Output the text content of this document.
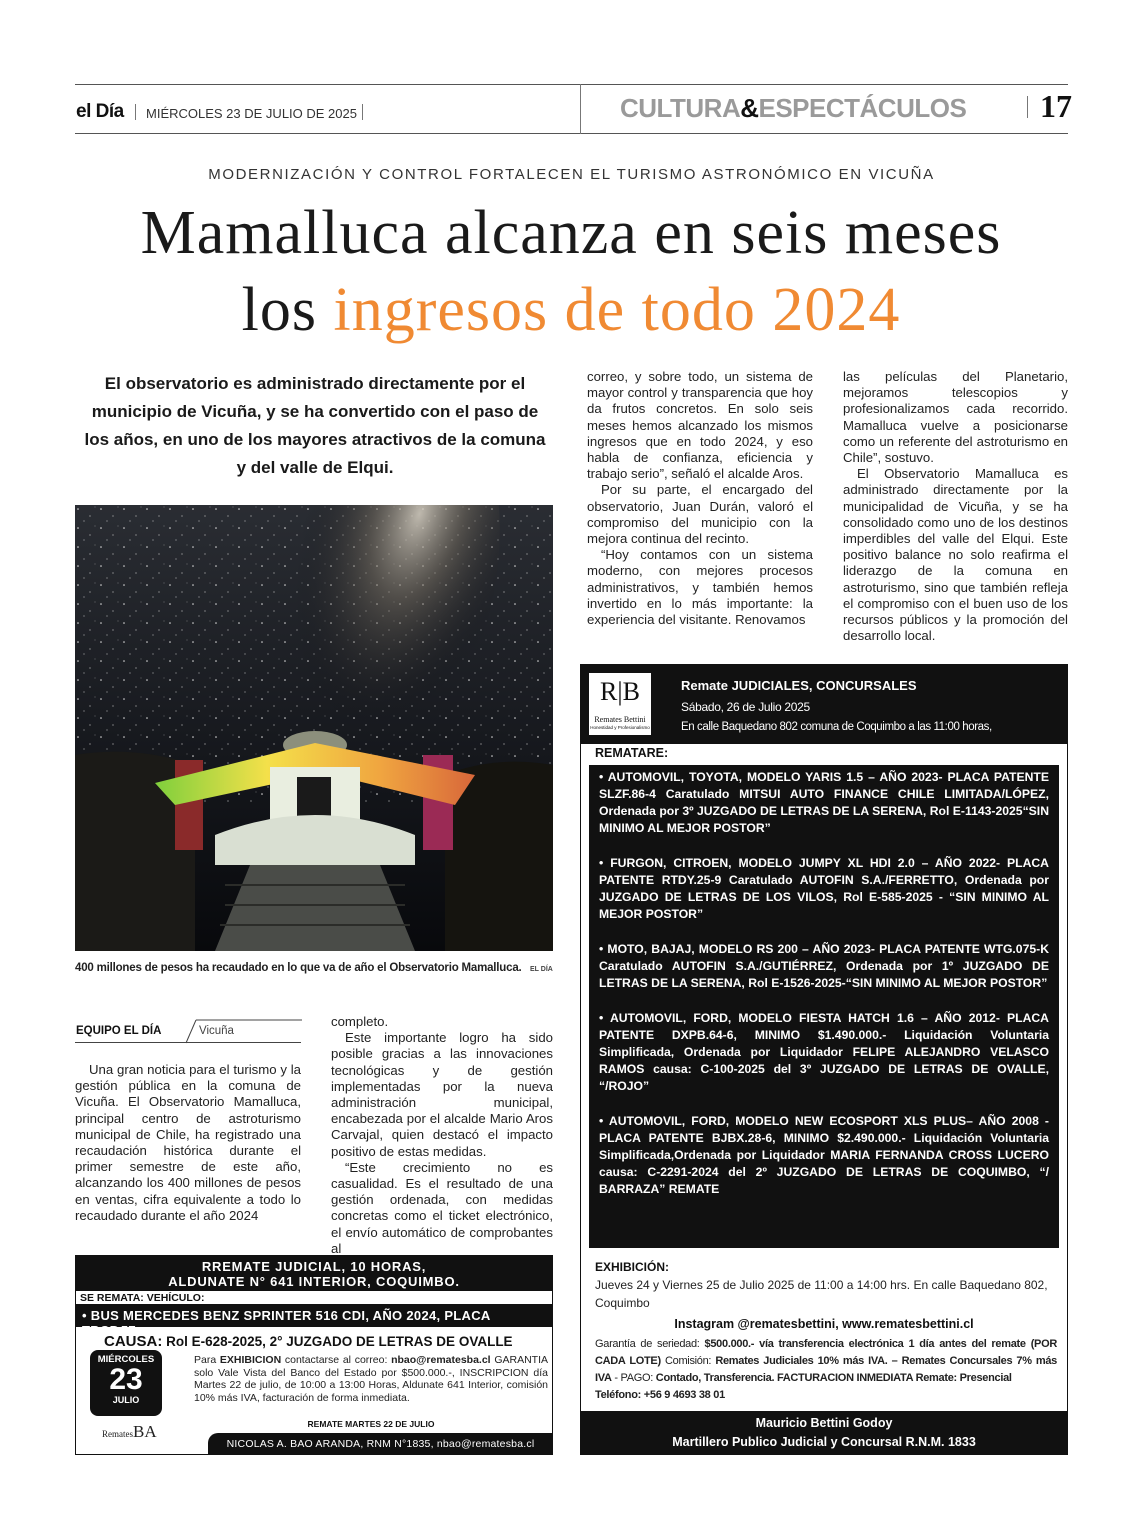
el Día MIÉRCOLES 23 DE JULIO DE 2025	CULTURA&ESPECTÁCULOS 17
MODERNIZACIÓN Y CONTROL FORTALECEN EL TURISMO ASTRONÓMICO EN VICUÑA
Mamalluca alcanza en seis meses
los ingresos de todo 2024
El observatorio es administrado directamente por el municipio de Vicuña, y se ha convertido con el paso de los años, en uno de los mayores atractivos de la comuna y del valle de Elqui.
400 millones de pesos ha recaudado en lo que va de año el Observatorio Mamalluca. EL DÍA
EQUIPO EL DÍA	Vicuña

Una gran noticia para el turismo y la gestión pública en la comuna de Vicuña. El Observatorio Mamalluca, principal centro de astroturismo municipal de Chile, ha registrado una recaudación histórica durante el primer semestre de este año, alcanzando los 400 millones de pesos en ventas, cifra equivalente a todo lo recaudado durante el año 2024

completo.

Este importante logro ha sido posible gracias a las innovaciones tecnológicas y de gestión implementadas por la nueva administración municipal, encabezada por el alcalde Mario Aros Carvajal, quien destacó el impacto positivo de estas medidas.

“Este crecimiento no es casualidad. Es el resultado de una gestión ordenada, con medidas concretas como el ticket electrónico, el envío automático de comprobantes al

correo, y sobre todo, un sistema de mayor control y transparencia que hoy da frutos concretos. En solo seis meses hemos alcanzado los mismos ingresos que en todo 2024, y eso habla de confianza, eficiencia y trabajo serio”, señaló el alcalde Aros.

Por su parte, el encargado del observatorio, Juan Durán, valoró el compromiso del municipio con la mejora continua del recinto.

“Hoy contamos con un sistema moderno, con mejores procesos administrativos, y también hemos invertido en lo más importante: la experiencia del visitante. Renovamos

las películas del Planetario, mejoramos telescopios y profesionalizamos cada recorrido. Mamalluca vuelve a posicionarse como un referente del astroturismo en Chile”, sostuvo.

El Observatorio Mamalluca es administrado directamente por la municipalidad de Vicuña, y se ha consolidado como uno de los destinos imperdibles del valle del Elqui. Este positivo balance no solo reafirma el liderazgo de la comuna en astroturismo, sino que también refleja el compromiso con el buen uso de los recursos públicos y la promoción del desarrollo local.

RREMATE JUDICIAL, 10 HORAS,
ALDUNATE N° 641 INTERIOR, COQUIMBO.
SE REMATA: VEHÍCULO:
• BUS MERCEDES BENZ SPRINTER 516 CDI, AÑO 2024, PLACA TBCP.57
CAUSA: Rol E-628-2025, 2° JUZGADO DE LETRAS DE OVALLE
MIÉRCOLES
23
JULIO
RematesBA
Para EXHIBICION contactarse al correo: nbao@rematesba.cl GARANTIA solo Vale Vista del Banco del Estado por $500.000.-, INSCRIPCION día Martes 22 de julio, de 10:00 a 13:00 Horas, Aldunate 641 Interior, comisión 10% más IVA, facturación de forma inmediata.
REMATE MARTES 22 DE JULIO
NICOLAS A. BAO ARANDA, RNM N°1835, nbao@rematesba.cl
R|B
Remates Bettini
Honestidad y Profesionalismo
Remate JUDICIALES, CONCURSALES
Sábado, 26 de Julio 2025
En calle Baquedano 802 comuna de Coquimbo a las 11:00 horas,
REMATARE:
• AUTOMOVIL, TOYOTA, MODELO YARIS 1.5 – AÑO 2023- PLACA PATENTE SLZF.86-4 Caratulado MITSUI AUTO FINANCE CHILE LIMITADA/LÓPEZ, Ordenada por 3º JUZGADO DE LETRAS DE LA SERENA, Rol E-1143-2025“SIN MINIMO AL MEJOR POSTOR”
• FURGON, CITROEN, MODELO JUMPY XL HDI 2.0 – AÑO 2022- PLACA PATENTE RTDY.25-9 Caratulado AUTOFIN S.A./FERRETTO, Ordenada por JUZGADO DE LETRAS DE LOS VILOS, Rol E-585-2025 - “SIN MINIMO AL MEJOR POSTOR”
• MOTO, BAJAJ, MODELO RS 200 – AÑO 2023- PLACA PATENTE WTG.075-K Caratulado AUTOFIN S.A./GUTIÉRREZ, Ordenada por 1º JUZGADO DE LETRAS DE LA SERENA, Rol E-1526-2025-“SIN MINIMO AL MEJOR POSTOR”
• AUTOMOVIL, FORD, MODELO FIESTA HATCH 1.6 – AÑO 2012- PLACA PATENTE DXPB.64-6, MINIMO $1.490.000.- Liquidación Voluntaria Simplificada, Ordenada por Liquidador FELIPE ALEJANDRO VELASCO RAMOS causa: C-100-2025 del 3º JUZGADO DE LETRAS DE OVALLE, “/ROJO”
• AUTOMOVIL, FORD, MODELO NEW ECOSPORT XLS PLUS– AÑO 2008 - PLACA PATENTE BJBX.28-6, MINIMO $2.490.000.- Liquidación Voluntaria Simplificada,Ordenada por Liquidador MARIA FERNANDA CROSS LUCERO causa: C-2291-2024 del 2º JUZGADO DE LETRAS DE COQUIMBO, “/ BARRAZA” REMATE
EXHIBICIÓN:
Jueves 24 y Viernes 25 de Julio 2025 de 11:00 a 14:00 hrs. En calle Baquedano 802, Coquimbo
Instagram @rematesbettini, www.rematesbettini.cl
Garantía de seriedad: $500.000.- vía transferencia electrónica 1 día antes del remate (POR CADA LOTE) Comisión: Remates Judiciales 10% más IVA. – Remates Concursales 7% más IVA - PAGO: Contado, Transferencia. FACTURACION INMEDIATA Remate: Presencial
Teléfono: +56 9 4693 38 01
Mauricio Bettini Godoy
Martillero Publico Judicial y Concursal R.N.M. 1833
